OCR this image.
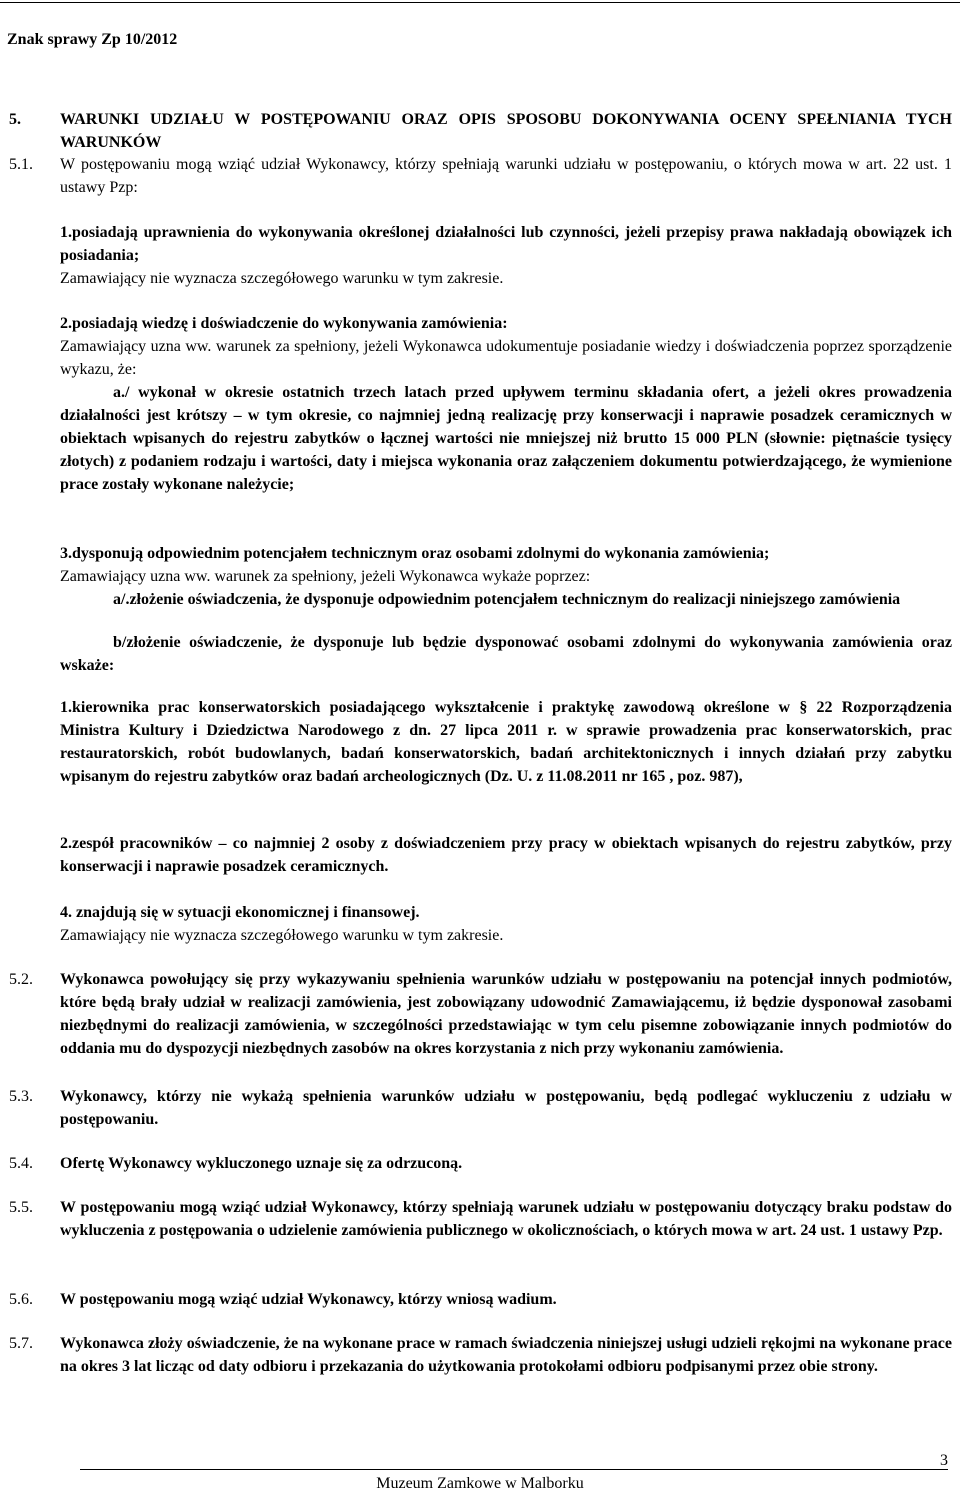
Znak sprawy Zp 10/2012
5. WARUNKI UDZIAŁU W POSTĘPOWANIU ORAZ OPIS SPOSOBU DOKONYWANIA OCENY SPEŁNIANIA TYCH WARUNKÓW
5.1. W postępowaniu mogą wziąć udział Wykonawcy, którzy spełniają warunki udziału w postępowaniu, o których mowa w art. 22 ust. 1 ustawy Pzp:
1.posiadają uprawnienia do wykonywania określonej działalności lub czynności, jeżeli przepisy prawa nakładają obowiązek ich posiadania;
Zamawiający nie wyznacza szczegółowego warunku w tym zakresie.
2.posiadają wiedzę i doświadczenie do wykonywania zamówienia:
Zamawiający uzna ww. warunek za spełniony, jeżeli Wykonawca udokumentuje posiadanie wiedzy i doświadczenia poprzez sporządzenie wykazu, że:
a./ wykonał w okresie ostatnich trzech latach przed upływem terminu składania ofert, a jeżeli okres prowadzenia działalności jest krótszy – w tym okresie, co najmniej jedną realizację przy konserwacji i naprawie posadzek ceramicznych w obiektach wpisanych do rejestru zabytków o łącznej wartości nie mniejszej niż brutto 15 000 PLN (słownie: piętnaście tysięcy złotych) z podaniem rodzaju i wartości, daty i miejsca wykonania oraz załączeniem dokumentu potwierdzającego, że wymienione prace zostały wykonane należycie;
3.dysponują odpowiednim potencjałem technicznym oraz osobami zdolnymi do wykonania zamówienia;
Zamawiający uzna ww. warunek za spełniony, jeżeli Wykonawca wykaże poprzez:
a/.złożenie oświadczenia, że dysponuje odpowiednim potencjałem technicznym do realizacji niniejszego zamówienia
b/złożenie oświadczenie, że dysponuje lub będzie dysponować osobami zdolnymi do wykonywania zamówienia oraz wskaże:
1.kierownika prac konserwatorskich posiadającego wykształcenie i praktykę zawodową określone w § 22 Rozporządzenia Ministra Kultury i Dziedzictwa Narodowego z dn. 27 lipca 2011 r. w sprawie prowadzenia prac konserwatorskich, prac restauratorskich, robót budowlanych, badań konserwatorskich, badań architektonicznych i innych działań przy zabytku wpisanym do rejestru zabytków oraz badań archeologicznych (Dz. U. z 11.08.2011 nr 165 , poz. 987),
2.zespół pracowników – co najmniej 2 osoby z doświadczeniem przy pracy w obiektach wpisanych do rejestru zabytków, przy konserwacji i naprawie posadzek ceramicznych.
4. znajdują się w sytuacji ekonomicznej i finansowej.
Zamawiający nie wyznacza szczegółowego warunku w tym zakresie.
5.2. Wykonawca powołujący się przy wykazywaniu spełnienia warunków udziału w postępowaniu na potencjał innych podmiotów, które będą brały udział w realizacji zamówienia, jest zobowiązany udowodnić Zamawiającemu, iż będzie dysponował zasobami niezbędnymi do realizacji zamówienia, w szczególności przedstawiając w tym celu pisemne zobowiązanie innych podmiotów do oddania mu do dyspozycji niezbędnych zasobów na okres korzystania z nich przy wykonaniu zamówienia.
5.3. Wykonawcy, którzy nie wykażą spełnienia warunków udziału w postępowaniu, będą podlegać wykluczeniu z udziału w postępowaniu.
5.4. Ofertę Wykonawcy wykluczonego uznaje się za odrzuconą.
5.5. W postępowaniu mogą wziąć udział Wykonawcy, którzy spełniają warunek udziału w postępowaniu dotyczący braku podstaw do wykluczenia z postępowania o udzielenie zamówienia publicznego w okolicznościach, o których mowa w art. 24 ust. 1 ustawy Pzp.
5.6. W postępowaniu mogą wziąć udział Wykonawcy, którzy wniosą wadium.
5.7. Wykonawca złoży oświadczenie, że na wykonane prace w ramach świadczenia niniejszej usługi udzieli rękojmi na wykonane prace na okres 3 lat licząc od daty odbioru i przekazania do użytkowania protokołami odbioru podpisanymi przez obie strony.
3
Muzeum Zamkowe w Malborku
